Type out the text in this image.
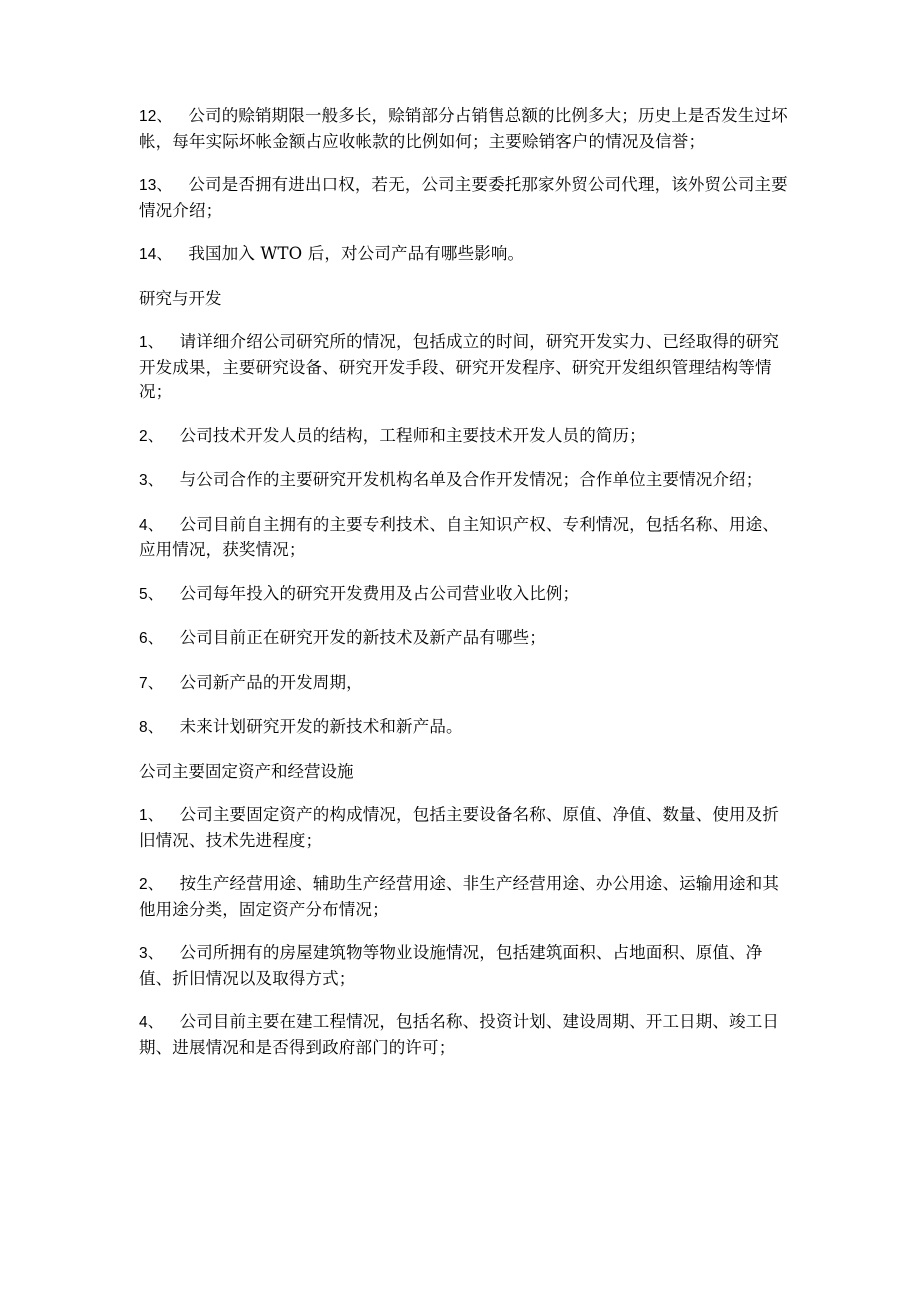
12、 公司的赊销期限一般多长，赊销部分占销售总额的比例多大；历史上是否发生过坏帐，每年实际坏帐金额占应收帐款的比例如何；主要赊销客户的情况及信誉；

13、 公司是否拥有进出口权，若无，公司主要委托那家外贸公司代理，该外贸公司主要情况介绍；

14、 我国加入 WTO 后，对公司产品有哪些影响。

研究与开发

1、 请详细介绍公司研究所的情况，包括成立的时间，研究开发实力、已经取得的研究开发成果，主要研究设备、研究开发手段、研究开发程序、研究开发组织管理结构等情况；

2、 公司技术开发人员的结构，工程师和主要技术开发人员的简历；

3、 与公司合作的主要研究开发机构名单及合作开发情况；合作单位主要情况介绍；

4、 公司目前自主拥有的主要专利技术、自主知识产权、专利情况，包括名称、用途、应用情况，获奖情况；

5、 公司每年投入的研究开发费用及占公司营业收入比例；

6、 公司目前正在研究开发的新技术及新产品有哪些；

7、 公司新产品的开发周期，

8、 未来计划研究开发的新技术和新产品。

公司主要固定资产和经营设施

1、 公司主要固定资产的构成情况，包括主要设备名称、原值、净值、数量、使用及折旧情况、技术先进程度；

2、 按生产经营用途、辅助生产经营用途、非生产经营用途、办公用途、运输用途和其他用途分类，固定资产分布情况；

3、 公司所拥有的房屋建筑物等物业设施情况，包括建筑面积、占地面积、原值、净值、折旧情况以及取得方式；

4、 公司目前主要在建工程情况，包括名称、投资计划、建设周期、开工日期、竣工日期、进展情况和是否得到政府部门的许可；
